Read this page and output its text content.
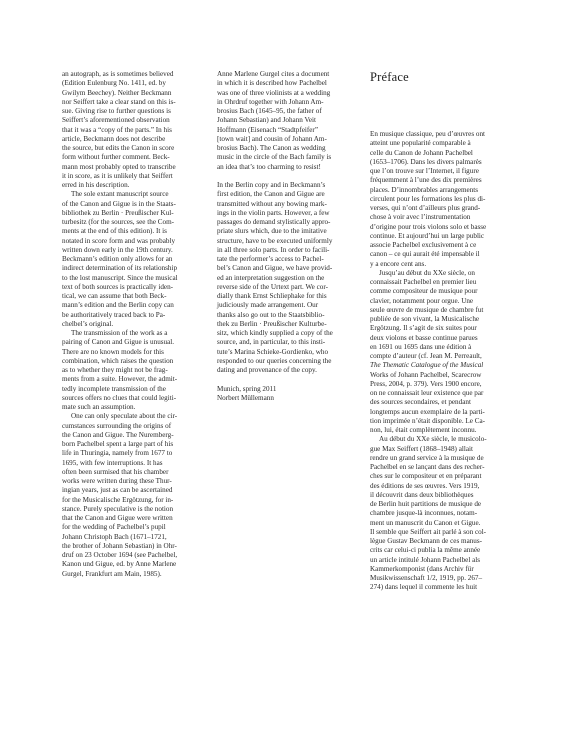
an autograph, as is sometimes believed

(Edition Eulenburg No. 1411, ed. by

Gwilym Beechey). Neither Beckmann

nor Seiffert take a clear stand on this is-

sue. Giving rise to further questions is

Seiffert’s aforementioned observation

that it was a “copy of the parts.” In his

article, Beckmann does not describe

the source, but edits the Canon in score

form without further comment. Beck-

mann most probably opted to transcribe

it in score, as it is unlikely that Seiffert

erred in his description.

The sole extant manuscript source

of the Canon and Gigue is in the Staats-

bibliothek zu Berlin · Preußischer Kul-

turbesitz (for the sources, see the Com-

ments at the end of this edition). It is

notated in score form and was probably

written down early in the 19th century.

Beckmann’s edition only allows for an

indirect determination of its relationship

to the lost manuscript. Since the musical

text of both sources is practically iden-

tical, we can assume that both Beck-

mann’s edition and the Berlin copy can

be authoritatively traced back to Pa-

chelbel’s original.

The transmission of the work as a

pairing of Canon and Gigue is unusual.

There are no known models for this

combination, which raises the question

as to whether they might not be frag-

ments from a suite. However, the admit-

tedly incomplete transmission of the

sources offers no clues that could legiti-

mate such an assumption.

One can only speculate about the cir-

cumstances surrounding the origins of

the Canon and Gigue. The Nuremberg-

born Pachelbel spent a large part of his

life in Thuringia, namely from 1677 to

1695, with few interruptions. It has

often been surmised that his chamber

works were written during these Thur-

ingian years, just as can be ascertained

for the Musicalische Ergötzung, for in-

stance. Purely speculative is the notion

that the Canon and Gigue were written

for the wedding of Pachelbel’s pupil

Johann Christoph Bach (1671–1721,

the brother of Johann Sebastian) in Ohr-

druf on 23 October 1694 (see Pachelbel,

Kanon und Gigue, ed. by Anne Marlene

Gurgel, Frankfurt am Main, 1985).

Anne Marlene Gurgel cites a document

in which it is described how Pachelbel

was one of three violinists at a wedding

in Ohrdruf together with Johann Am-

brosius Bach (1645–95, the father of

Johann Sebastian) and Johann Veit

Hoffmann (Eisenach “Stadtpfeifer”

[town wait] and cousin of Johann Am-

brosius Bach). The Canon as wedding

music in the circle of the Bach family is

an idea that’s too charming to resist!

In the Berlin copy and in Beckmann’s

first edition, the Canon and Gigue are

transmitted without any bowing mark-

ings in the violin parts. However, a few

passages do demand stylistically appro-

priate slurs which, due to the imitative

structure, have to be executed uniformly

in all three solo parts. In order to facili-

tate the performer’s access to Pachel-

bel’s Canon and Gigue, we have provid-

ed an interpretation suggestion on the

reverse side of the Urtext part. We cor-

dially thank Ernst Schliephake for this

judiciously made arrangement. Our

thanks also go out to the Staatsbiblio-

thek zu Berlin · Preußischer Kulturbe-

sitz, which kindly supplied a copy of the

source, and, in particular, to this insti-

tute’s Marina Schieke-Gordienko, who

responded to our queries concerning the

dating and provenance of the copy.

Munich, spring 2011

Norbert Müllemann

Préface

En musique classique, peu d’œuvres ont

atteint une popularité comparable à

celle du Canon de Johann Pachelbel

(1653–1706). Dans les divers palmarès

que l’on trouve sur l’Internet, il figure

fréquemment à l’une des dix premières

places. D’innombrables arrangements

circulent pour les formations les plus di-

verses, qui n’ont d’ailleurs plus grand-

chose à voir avec l’instrumentation

d’origine pour trois violons solo et basse

continue. Et aujourd’hui un large public

associe Pachelbel exclusivement à ce

canon – ce qui aurait été impensable il

y a encore cent ans.

Jusqu’au début du XXe siècle, on

connaissait Pachelbel en premier lieu

comme compositeur de musique pour

clavier, notamment pour orgue. Une

seule œuvre de musique de chambre fut

publiée de son vivant, la Musicalische

Ergötzung. Il s’agit de six suites pour

deux violons et basse continue parues

en 1691 ou 1695 dans une édition à

compte d’auteur (cf. Jean M. Perreault,

The Thematic Catalogue of the Musical

Works of Johann Pachelbel, Scarecrow

Press, 2004, p. 379). Vers 1900 encore,

on ne connaissait leur existence que par

des sources secondaires, et pendant

longtemps aucun exemplaire de la parti-

tion imprimée n’était disponible. Le Ca-

non, lui, était complètement inconnu.

Au début du XXe siècle, le musicolo-

gue Max Seiffert (1868–1948) allait

rendre un grand service à la musique de

Pachelbel en se lançant dans des recher-

ches sur le compositeur et en préparant

des éditions de ses œuvres. Vers 1919,

il découvrit dans deux bibliothèques

de Berlin huit partitions de musique de

chambre jusque-là inconnues, notam-

ment un manuscrit du Canon et Gigue.

Il semble que Seiffert ait parlé à son col-

lègue Gustav Beckmann de ces manus-

crits car celui-ci publia la même année

un article intitulé Johann Pachelbel als

Kammerkomponist (dans Archiv für

Musikwissenschaft 1/2, 1919, pp. 267–

274) dans lequel il commente les huit
